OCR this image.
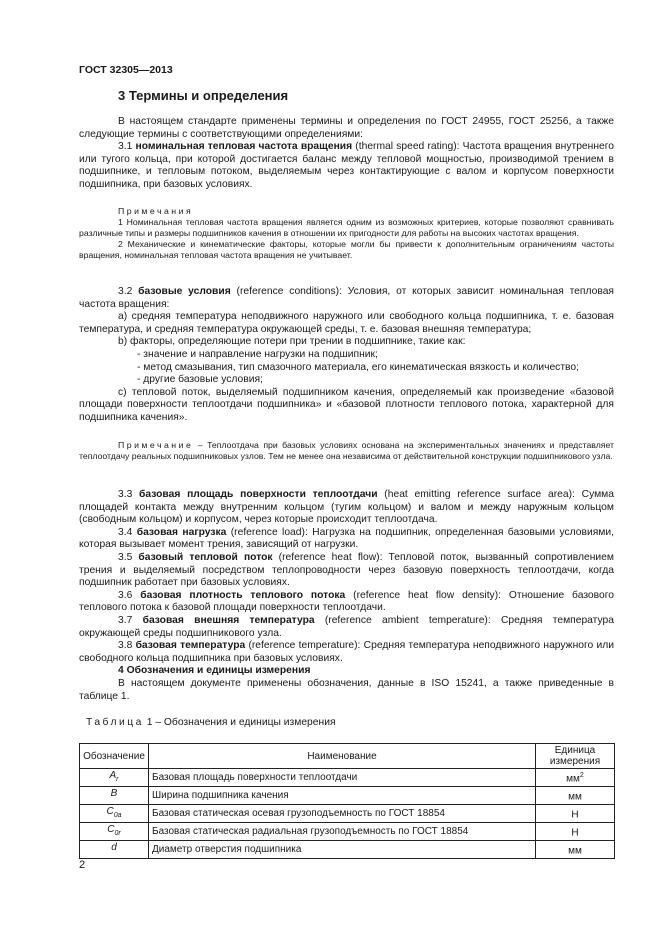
ГОСТ 32305—2013
3 Термины и определения

В настоящем стандарте применены термины и определения по ГОСТ 24955, ГОСТ 25256, а также следующие термины с соответствующими определениями:

3.1 номинальная тепловая частота вращения (thermal speed rating): Частота вращения внутреннего или тугого кольца, при которой достигается баланс между тепловой мощностью, производимой трением в подшипнике, и тепловым потоком, выделяемым через контактирующие с валом и корпусом поверхности подшипника, при базовых условиях.

Примечания

1 Номинальная тепловая частота вращения является одним из возможных критериев, которые позволяют сравнивать различные типы и размеры подшипников качения в отношении их пригодности для работы на высоких частотах вращения.

2 Механические и кинематические факторы, которые могли бы привести к дополнительным ограничениям частоты вращения, номинальная тепловая частота вращения не учитывает.

3.2 базовые условия (reference conditions): Условия, от которых зависит номинальная тепловая частота вращения:

а) средняя температура неподвижного наружного или свободного кольца подшипника, т. е. базовая температура, и средняя температура окружающей среды, т. е. базовая внешняя температура;

b) факторы, определяющие потери при трении в подшипнике, такие как:

- значение и направление нагрузки на подшипник;

- метод смазывания, тип смазочного материала, его кинематическая вязкость и количество;

- другие базовые условия;

с) тепловой поток, выделяемый подшипником качения, определяемый как произведение «базовой площади поверхности теплоотдачи подшипника» и «базовой плотности теплового потока, характерной для подшипника качения».

Примечание – Теплоотдача при базовых условиях основана на экспериментальных значениях и представляет теплоотдачу реальных подшипниковых узлов. Тем не менее она независима от действительной конструкции подшипникового узла.

3.3 базовая площадь поверхности теплоотдачи (heat emitting reference surface area): Сумма площадей контакта между внутренним кольцом (тугим кольцом) и валом и между наружным кольцом (свободным кольцом) и корпусом, через которые происходит теплоотдача.

3.4 базовая нагрузка (reference load): Нагрузка на подшипник, определенная базовыми условиями, которая вызывает момент трения, зависящий от нагрузки.

3.5 базовый тепловой поток (reference heat flow): Тепловой поток, вызванный сопротивлением трения и выделяемый посредством теплопроводности через базовую поверхность теплоотдачи, когда подшипник работает при базовых условиях.

3.6 базовая плотность теплового потока (reference heat flow density): Отношение базового теплового потока к базовой площади поверхности теплоотдачи.

3.7 базовая внешняя температура (reference ambient temperature): Средняя температура окружающей среды подшипникового узла.

3.8 базовая температура (reference temperature): Средняя температура неподвижного наружного или свободного кольца подшипника при базовых условиях.

4 Обозначения и единицы измерения

В настоящем документе применены обозначения, данные в ISO 15241, а также приведенные в таблице 1.

Таблица 1 – Обозначения и единицы измерения
Обозначение	Наименование	Единица измерения
$A_r$	Базовая площадь поверхности теплоотдачи	$мм^2$
B	Ширина подшипника качения	мм
$C_{0a}$	Базовая статическая осевая грузоподъемность по ГОСТ 18854	Н
$C_{0r}$	Базовая статическая радиальная грузоподъемность по ГОСТ 18854	Н
d	Диаметр отверстия подшипника	мм
2
